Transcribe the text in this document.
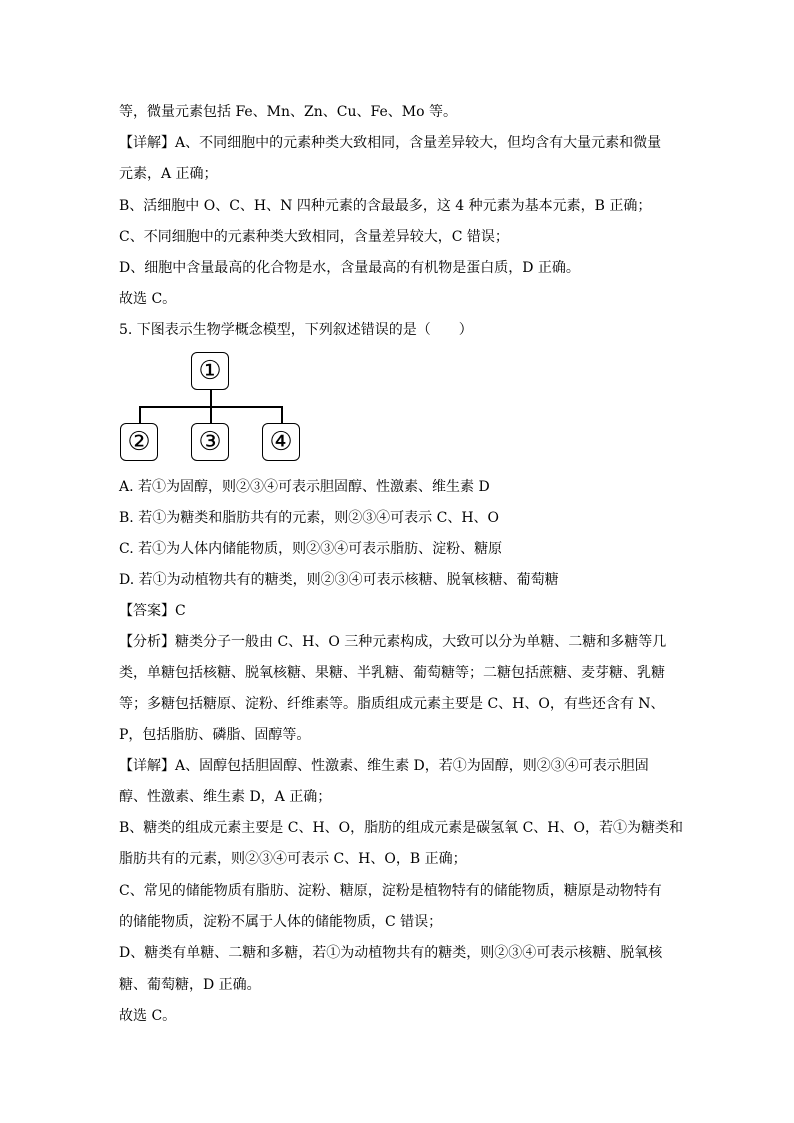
等，微量元素包括 Fe、Mn、Zn、Cu、Fe、Mo 等。
【详解】A、不同细胞中的元素种类大致相同，含量差异较大，但均含有大量元素和微量
元素，A 正确；
B、活细胞中 O、C、H、N 四种元素的含最最多，这 4 种元素为基本元素，B 正确；
C、不同细胞中的元素种类大致相同，含量差异较大，C 错误；
D、细胞中含量最高的化合物是水，含量最高的有机物是蛋白质，D 正确。
故选 C。
5. 下图表示生物学概念模型，下列叙述错误的是（　　）
①
② ③ ④
A. 若①为固醇，则②③④可表示胆固醇、性激素、维生素 D
B. 若①为糖类和脂肪共有的元素，则②③④可表示 C、H、O
C. 若①为人体内储能物质，则②③④可表示脂肪、淀粉、糖原
D. 若①为动植物共有的糖类，则②③④可表示核糖、脱氧核糖、葡萄糖
【答案】C
【分析】糖类分子一般由 C、H、O 三种元素构成，大致可以分为单糖、二糖和多糖等几
类，单糖包括核糖、脱氧核糖、果糖、半乳糖、葡萄糖等；二糖包括蔗糖、麦芽糖、乳糖
等；多糖包括糖原、淀粉、纤维素等。脂质组成元素主要是 C、H、O，有些还含有 N、
P，包括脂肪、磷脂、固醇等。
【详解】A、固醇包括胆固醇、性激素、维生素 D，若①为固醇，则②③④可表示胆固
醇、性激素、维生素 D，A 正确；
B、糖类的组成元素主要是 C、H、O，脂肪的组成元素是碳氢氧 C、H、O，若①为糖类和
脂肪共有的元素，则②③④可表示 C、H、O，B 正确；
C、常见的储能物质有脂肪、淀粉、糖原，淀粉是植物特有的储能物质，糖原是动物特有
的储能物质，淀粉不属于人体的储能物质，C 错误；
D、糖类有单糖、二糖和多糖，若①为动植物共有的糖类，则②③④可表示核糖、脱氧核
糖、葡萄糖，D 正确。
故选 C。
